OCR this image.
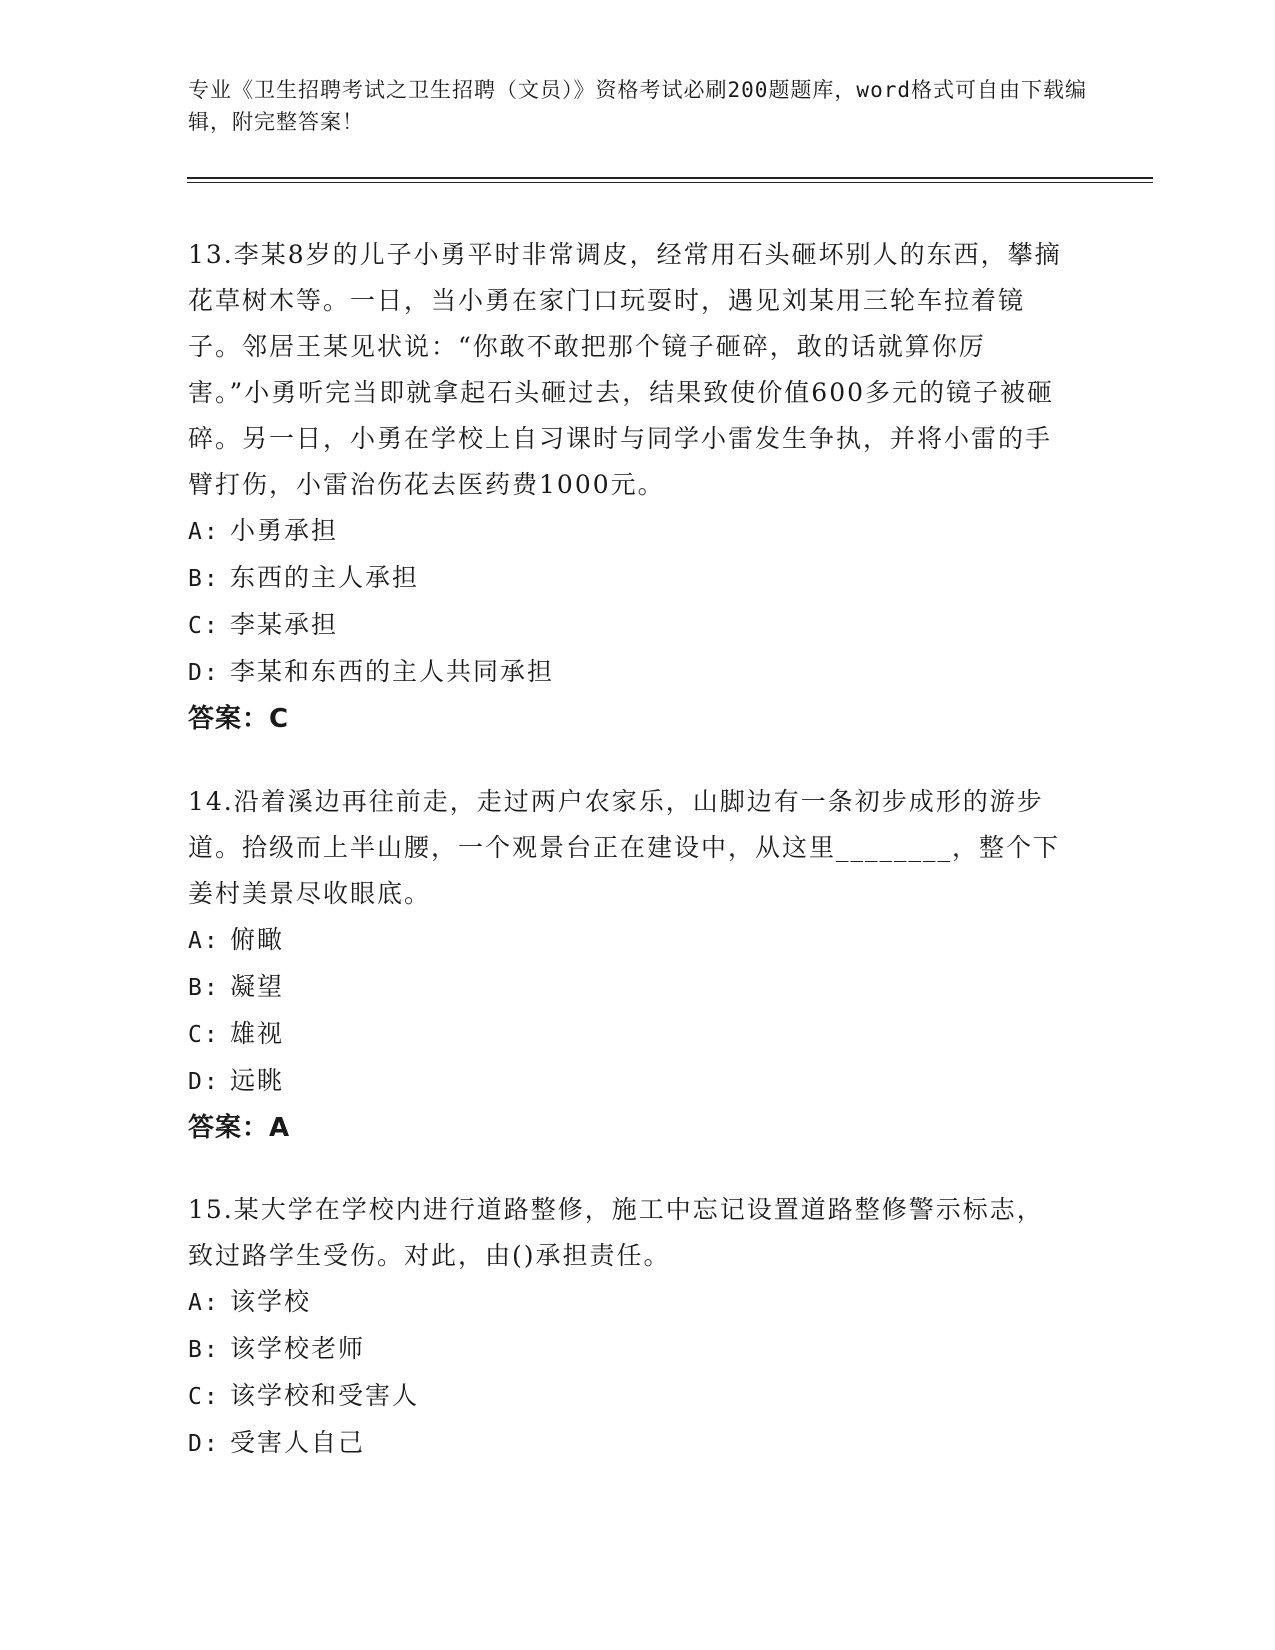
专业《卫生招聘考试之卫生招聘（文员）》资格考试必刷200题题库，word格式可自由下载编辑，附完整答案！
13.李某8岁的儿子小勇平时非常调皮，经常用石头砸坏别人的东西，攀摘花草树木等。一日，当小勇在家门口玩耍时，遇见刘某用三轮车拉着镜子。邻居王某见状说：“你敢不敢把那个镜子砸碎，敢的话就算你厉害。”小勇听完当即就拿起石头砸过去，结果致使价值600多元的镜子被砸碎。另一日，小勇在学校上自习课时与同学小雷发生争执，并将小雷的手臂打伤，小雷治伤花去医药费1000元。
A: 小勇承担
B: 东西的主人承担
C: 李某承担
D: 李某和东西的主人共同承担
答案：C
14.沿着溪边再往前走，走过两户农家乐，山脚边有一条初步成形的游步道。拾级而上半山腰，一个观景台正在建设中，从这里________，整个下姜村美景尽收眼底。
A: 俯瞰
B: 凝望
C: 雄视
D: 远眺
答案：A
15.某大学在学校内进行道路整修，施工中忘记设置道路整修警示标志，致过路学生受伤。对此，由()承担责任。
A: 该学校
B: 该学校老师
C: 该学校和受害人
D: 受害人自己
